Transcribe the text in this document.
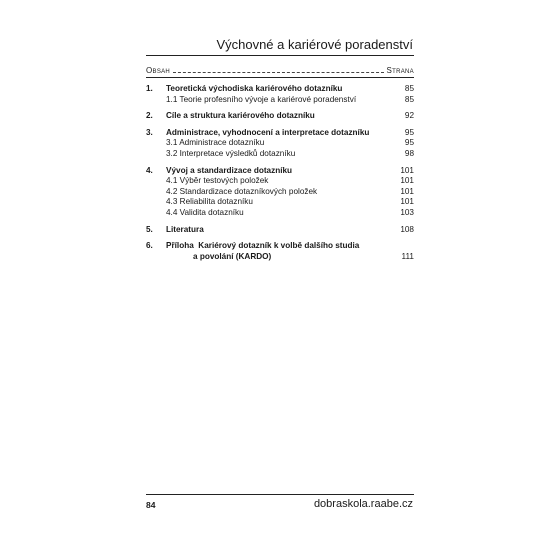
Výchovné a kariérové poradenství
Obsah	Strana
1.	Teoretická východiska kariérového dotazníku	85
1.1 Teorie profesního vývoje a kariérové poradenství	85
2.	Cíle a struktura kariérového dotazníku	92
3.	Administrace, vyhodnocení a interpretace dotazníku	95
3.1 Administrace dotazníku	95
3.2 Interpretace výsledků dotazníku	98
4.	Vývoj a standardizace dotazníku	101
4.1 Výběr testových položek	101
4.2 Standardizace dotazníkových položek	101
4.3 Reliabilita dotazníku	101
4.4 Validita dotazníku	103
5.	Literatura	108
6.	Příloha  Kariérový dotazník k volbě dalšího studia
a povolání (KARDO)	111
84	dobraskola.raabe.cz
